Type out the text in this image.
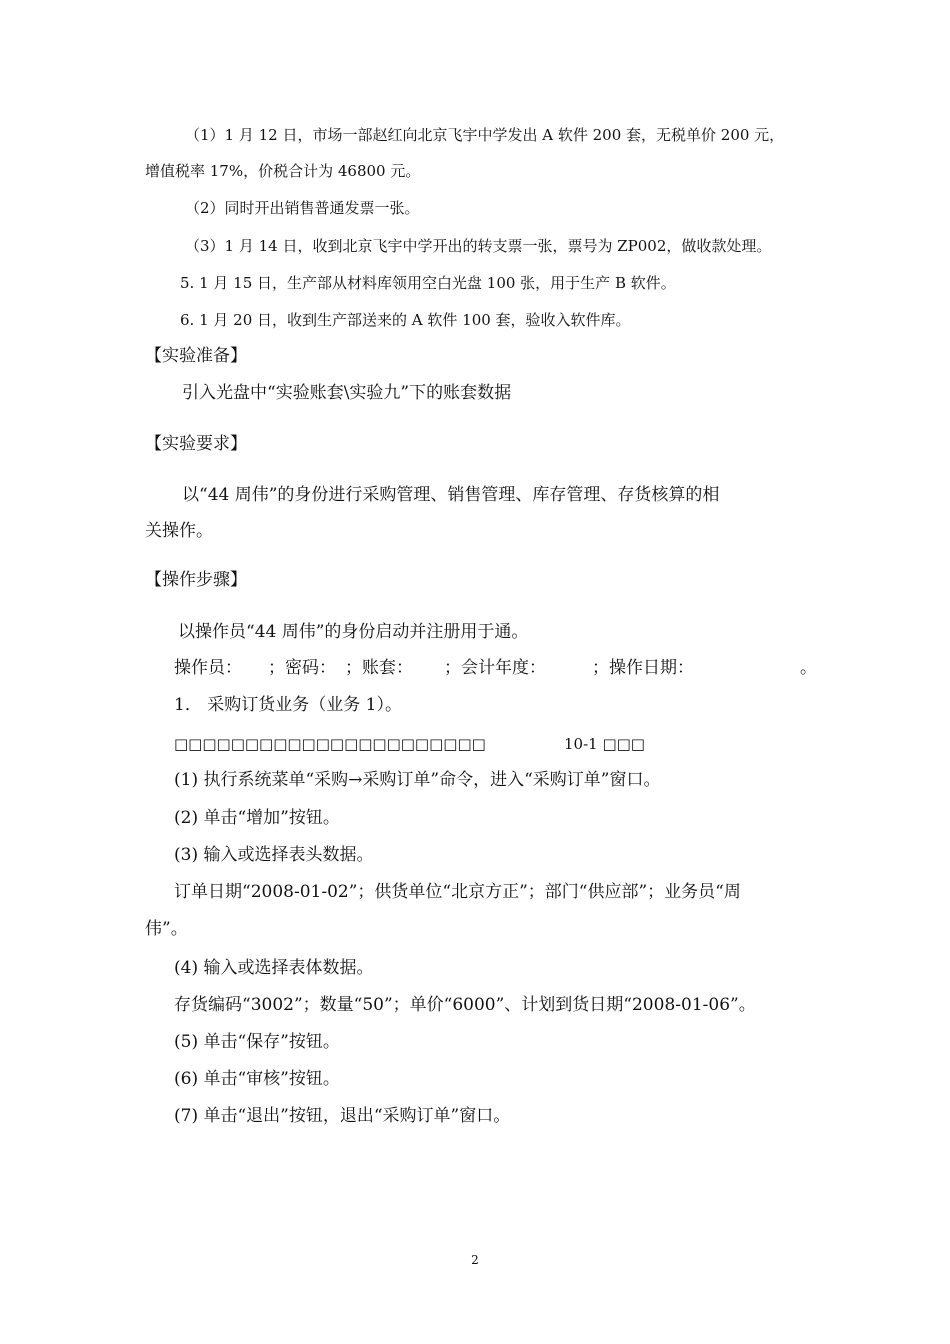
（1）1 月 12 日，市场一部赵红向北京飞宇中学发出 A 软件 200 套，无税单价 200 元，
增值税率 17%，价税合计为 46800 元。
（2）同时开出销售普通发票一张。
（3）1 月 14 日，收到北京飞宇中学开出的转支票一张，票号为 ZP002，做收款处理。
5. 1 月 15 日，生产部从材料库领用空白光盘 100 张，用于生产 B 软件。
6. 1 月 20 日，收到生产部送来的 A 软件 100 套，验收入软件库。
【实验准备】
引入光盘中“实验账套\实验九”下的账套数据
【实验要求】
以“44 周伟”的身份进行采购管理、销售管理、库存管理、存货核算的相
关操作。
【操作步骤】
以操作员“44 周伟”的身份启动并注册用于通。
操作员： ；密码： ；账套： ；会计年度：	；操作日期：	。
1． 采购订货业务（业务 1）。
□□□□□□□□□□□□□□□□□□□□□□	10-1 □□□
(1) 执行系统菜单“采购→采购订单”命令，进入“采购订单”窗口。
(2) 单击“增加”按钮。
(3) 输入或选择表头数据。
订单日期“2008-01-02”；供货单位“北京方正”；部门“供应部”；业务员“周
伟”。
(4) 输入或选择表体数据。
存货编码“3002”；数量“50”；单价“6000”、计划到货日期“2008-01-06”。
(5) 单击“保存”按钮。
(6) 单击“审核”按钮。
(7) 单击“退出”按钮，退出“采购订单”窗口。
2
